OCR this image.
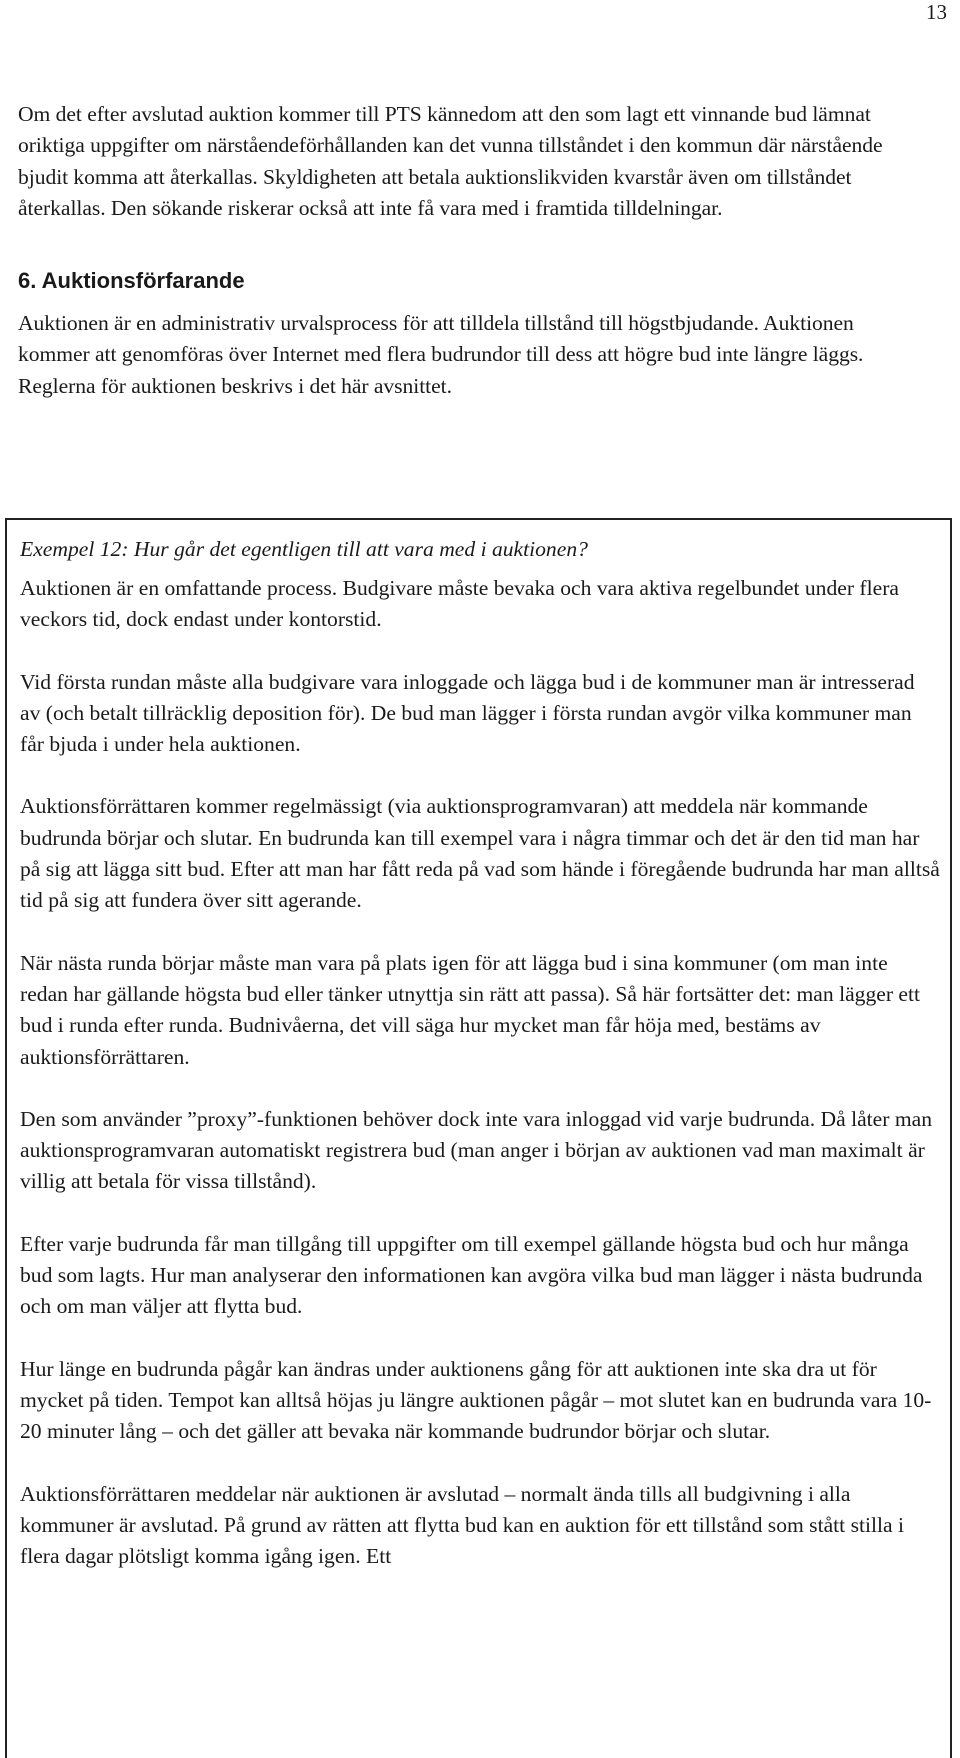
13

Om det efter avslutad auktion kommer till PTS kännedom att den som lagt ett vinnande bud lämnat oriktiga uppgifter om närståendeförhållanden kan det vunna tillståndet i den kommun där närstående bjudit komma att återkallas. Skyldigheten att betala auktionslikviden kvarstår även om tillståndet återkallas. Den sökande riskerar också att inte få vara med i framtida tilldelningar.

6. Auktionsförfarande

Auktionen är en administrativ urvalsprocess för att tilldela tillstånd till högstbjudande. Auktionen kommer att genomföras över Internet med flera budrundor till dess att högre bud inte längre läggs. Reglerna för auktionen beskrivs i det här avsnittet.

Exempel 12: Hur går det egentligen till att vara med i auktionen?

Auktionen är en omfattande process. Budgivare måste bevaka och vara aktiva regelbundet under flera veckors tid, dock endast under kontorstid.

Vid första rundan måste alla budgivare vara inloggade och lägga bud i de kommuner man är intresserad av (och betalt tillräcklig deposition för). De bud man lägger i första rundan avgör vilka kommuner man får bjuda i under hela auktionen.

Auktionsförrättaren kommer regelmässigt (via auktionsprogramvaran) att meddela när kommande budrunda börjar och slutar. En budrunda kan till exempel vara i några timmar och det är den tid man har på sig att lägga sitt bud. Efter att man har fått reda på vad som hände i föregående budrunda har man alltså tid på sig att fundera över sitt agerande.

När nästa runda börjar måste man vara på plats igen för att lägga bud i sina kommuner (om man inte redan har gällande högsta bud eller tänker utnyttja sin rätt att passa). Så här fortsätter det: man lägger ett bud i runda efter runda. Budnivåerna, det vill säga hur mycket man får höja med, bestäms av auktionsförrättaren.

Den som använder ”proxy”-funktionen behöver dock inte vara inloggad vid varje budrunda. Då låter man auktionsprogramvaran automatiskt registrera bud (man anger i början av auktionen vad man maximalt är villig att betala för vissa tillstånd).

Efter varje budrunda får man tillgång till uppgifter om till exempel gällande högsta bud och hur många bud som lagts. Hur man analyserar den informationen kan avgöra vilka bud man lägger i nästa budrunda och om man väljer att flytta bud.

Hur länge en budrunda pågår kan ändras under auktionens gång för att auktionen inte ska dra ut för mycket på tiden. Tempot kan alltså höjas ju längre auktionen pågår – mot slutet kan en budrunda vara 10-20 minuter lång – och det gäller att bevaka när kommande budrundor börjar och slutar.

Auktionsförrättaren meddelar när auktionen är avslutad – normalt ända tills all budgivning i alla kommuner är avslutad. På grund av rätten att flytta bud kan en auktion för ett tillstånd som stått stilla i flera dagar plötsligt komma igång igen. Ett
